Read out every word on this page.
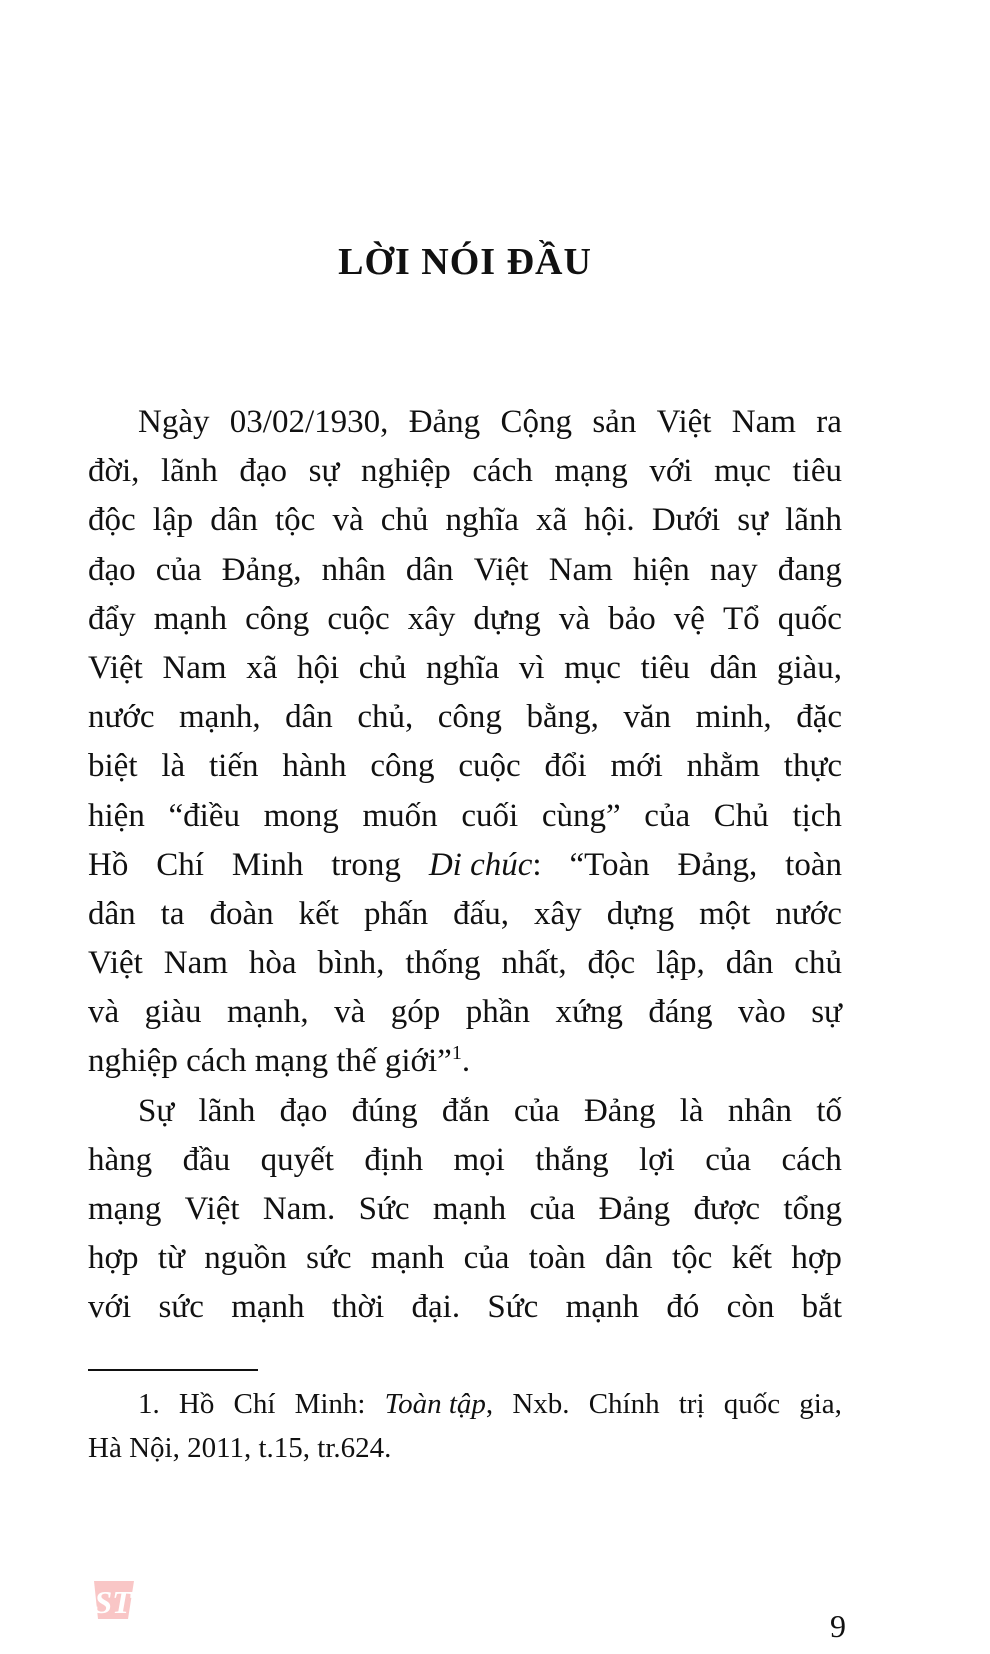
LỜI NÓI ĐẦU
Ngày 03/02/1930, Đảng Cộng sản Việt Nam ra
đời, lãnh đạo sự nghiệp cách mạng với mục tiêu
độc lập dân tộc và chủ nghĩa xã hội. Dưới sự lãnh
đạo của Đảng, nhân dân Việt Nam hiện nay đang
đẩy mạnh công cuộc xây dựng và bảo vệ Tổ quốc
Việt Nam xã hội chủ nghĩa vì mục tiêu dân giàu,
nước mạnh, dân chủ, công bằng, văn minh, đặc
biệt là tiến hành công cuộc đổi mới nhằm thực
hiện “điều mong muốn cuối cùng” của Chủ tịch
Hồ Chí Minh trong Di chúc: “Toàn Đảng, toàn
dân ta đoàn kết phấn đấu, xây dựng một nước
Việt Nam hòa bình, thống nhất, độc lập, dân chủ
và giàu mạnh, và góp phần xứng đáng vào sự
nghiệp cách mạng thế giới”$^1$.
Sự lãnh đạo đúng đắn của Đảng là nhân tố
hàng đầu quyết định mọi thắng lợi của cách
mạng Việt Nam. Sức mạnh của Đảng được tổng
hợp từ nguồn sức mạnh của toàn dân tộc kết hợp
với sức mạnh thời đại. Sức mạnh đó còn bắt
1. Hồ Chí Minh: Toàn tập, Nxb. Chính trị quốc gia,
Hà Nội, 2011, t.15, tr.624.
ST
9
